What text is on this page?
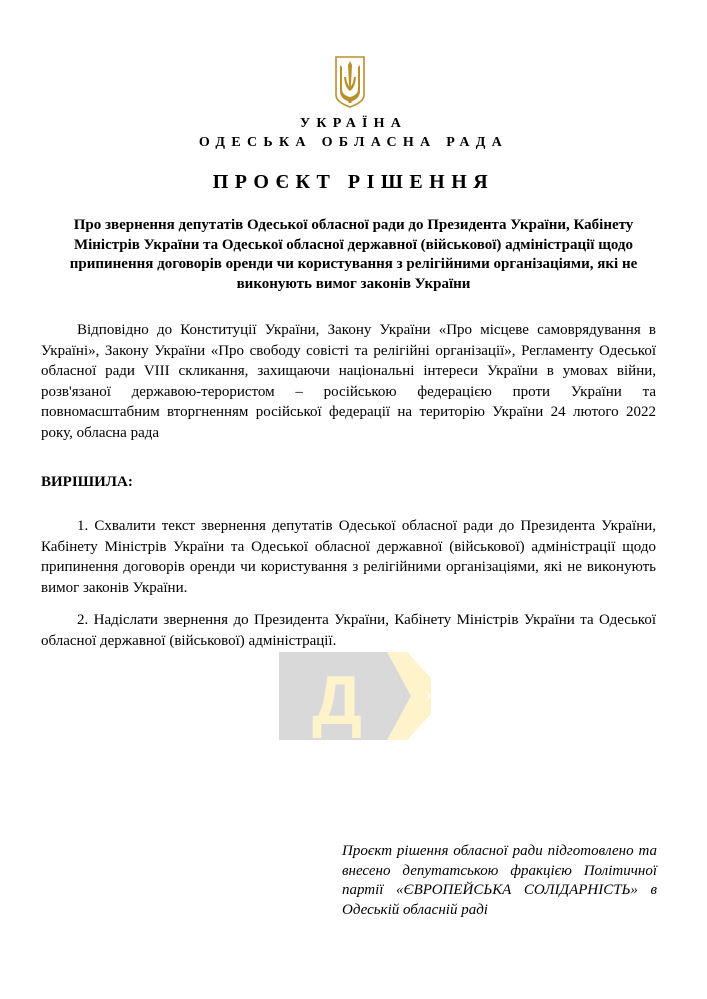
УКРАЇНА
ОДЕСЬКА ОБЛАСНА РАДА
ПРОЄКТ РІШЕННЯ
Про звернення депутатів Одеської обласної ради до Президента України, Кабінету Міністрів України та Одеської обласної державної (військової) адміністрації щодо припинення договорів оренди чи користування з релігійними організаціями, які не виконують вимог законів України

Відповідно до Конституції України, Закону України «Про місцеве самоврядування в Україні», Закону України «Про свободу совісті та релігійні організації», Регламенту Одеської обласної ради VIII скликання, захищаючи національні інтереси України в умовах війни, розв'язаної державою-терористом – російською федерацією проти України та повномасштабним вторгненням російської федерації на територію України 24 лютого 2022 року, обласна рада

ВИРІШИЛА:

1. Схвалити текст звернення депутатів Одеської обласної ради до Президента України, Кабінету Міністрів України та Одеської обласної державної (військової) адміністрації щодо припинення договорів оренди чи користування з релігійними організаціями, які не виконують вимог законів України.

2. Надіслати звернення до Президента України, Кабінету Міністрів України та Одеської обласної державної (військової) адміністрації.

Д
Проєкт рішення обласної ради підготовлено та внесено депутатською фракцією Політичної партії «ЄВРОПЕЙСЬКА СОЛІДАРНІСТЬ» в Одеській обласній раді
